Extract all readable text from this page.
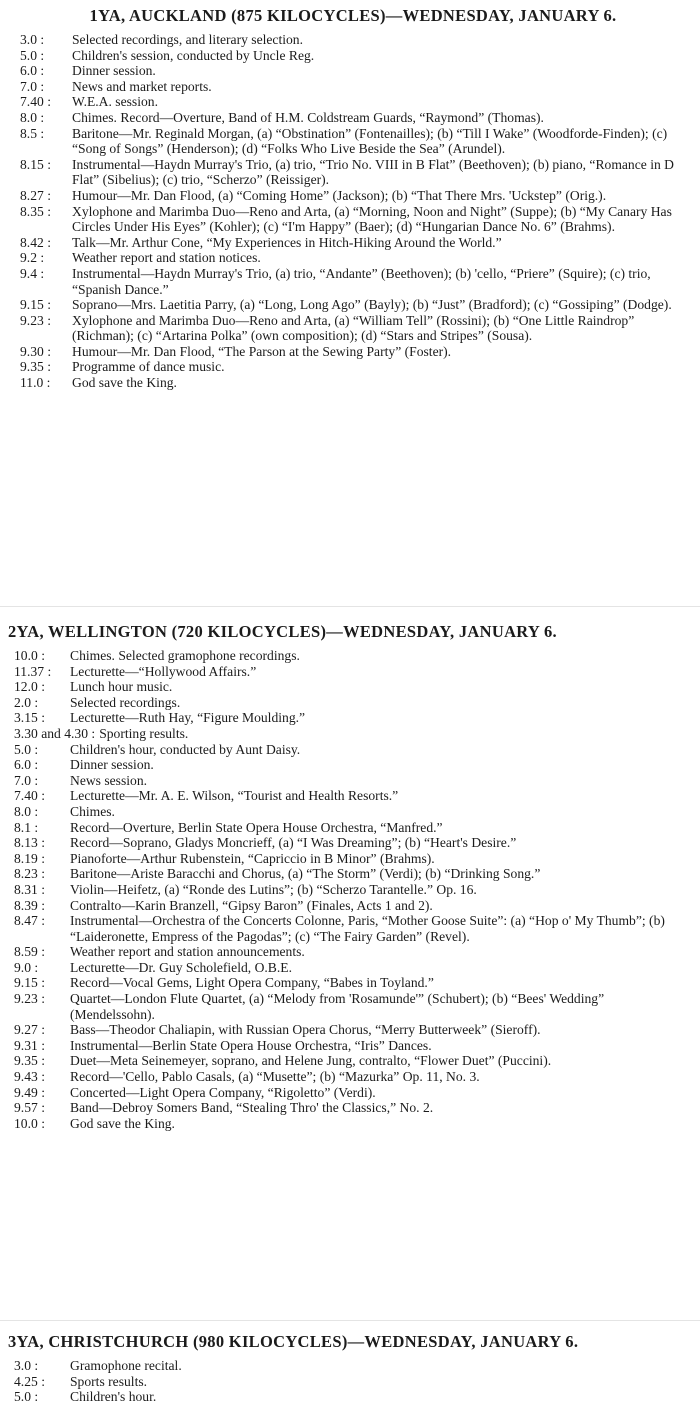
1YA, AUCKLAND (875 KILOCYCLES)—WEDNESDAY, JANUARY 6.
3.0 :	Selected recordings, and literary selection.
5.0 :	Children's session, conducted by Uncle Reg.
6.0 :	Dinner session.
7.0 :	News and market reports.
7.40 :	W.E.A. session.
8.0 :	Chimes. Record—Overture, Band of H.M. Coldstream Guards, “Raymond” (Thomas).
8.5 :	Baritone—Mr. Reginald Morgan, (a) “Obstination” (Fontenailles); (b) “Till I Wake” (Woodforde-Finden); (c) “Song of Songs” (Henderson); (d) “Folks Who Live Beside the Sea” (Arundel).
8.15 :	Instrumental—Haydn Murray's Trio, (a) trio, “Trio No. VIII in B Flat” (Beethoven); (b) piano, “Romance in D Flat” (Sibelius); (c) trio, “Scherzo” (Reissiger).
8.27 :	Humour—Mr. Dan Flood, (a) “Coming Home” (Jackson); (b) “That There Mrs. 'Uckstep” (Orig.).
8.35 :	Xylophone and Marimba Duo—Reno and Arta, (a) “Morning, Noon and Night” (Suppe); (b) “My Canary Has Circles Under His Eyes” (Kohler); (c) “I'm Happy” (Baer); (d) “Hungarian Dance No. 6” (Brahms).
8.42 :	Talk—Mr. Arthur Cone, “My Experiences in Hitch-Hiking Around the World.”
9.2 :	Weather report and station notices.
9.4 :	Instrumental—Haydn Murray's Trio, (a) trio, “Andante” (Beethoven); (b) 'cello, “Priere” (Squire); (c) trio, “Spanish Dance.”
9.15 :	Soprano—Mrs. Laetitia Parry, (a) “Long, Long Ago” (Bayly); (b) “Just” (Bradford); (c) “Gossiping” (Dodge).
9.23 :	Xylophone and Marimba Duo—Reno and Arta, (a) “William Tell” (Rossini); (b) “One Little Raindrop” (Richman); (c) “Artarina Polka” (own composition); (d) “Stars and Stripes” (Sousa).
9.30 :	Humour—Mr. Dan Flood, “The Parson at the Sewing Party” (Foster).
9.35 :	Programme of dance music.
11.0 :	God save the King.
2YA, WELLINGTON (720 KILOCYCLES)—WEDNESDAY, JANUARY 6.
10.0 :	Chimes. Selected gramophone recordings.
11.37 :	Lecturette—“Hollywood Affairs.”
12.0 :	Lunch hour music.
2.0 :	Selected recordings.
3.15 :	Lecturette—Ruth Hay, “Figure Moulding.”
3.30 and 4.30 : Sporting results.
5.0 :	Children's hour, conducted by Aunt Daisy.
6.0 :	Dinner session.
7.0 :	News session.
7.40 :	Lecturette—Mr. A. E. Wilson, “Tourist and Health Resorts.”
8.0 :	Chimes.
8.1 :	Record—Overture, Berlin State Opera House Orchestra, “Manfred.”
8.13 :	Record—Soprano, Gladys Moncrieff, (a) “I Was Dreaming”; (b) “Heart's Desire.”
8.19 :	Pianoforte—Arthur Rubenstein, “Capriccio in B Minor” (Brahms).
8.23 :	Baritone—Ariste Baracchi and Chorus, (a) “The Storm” (Verdi); (b) “Drinking Song.”
8.31 :	Violin—Heifetz, (a) “Ronde des Lutins”; (b) “Scherzo Tarantelle.” Op. 16.
8.39 :	Contralto—Karin Branzell, “Gipsy Baron” (Finales, Acts 1 and 2).
8.47 :	Instrumental—Orchestra of the Concerts Colonne, Paris, “Mother Goose Suite”: (a) “Hop o' My Thumb”; (b) “Laideronette, Empress of the Pagodas”; (c) “The Fairy Garden” (Revel).
8.59 :	Weather report and station announcements.
9.0 :	Lecturette—Dr. Guy Scholefield, O.B.E.
9.15 :	Record—Vocal Gems, Light Opera Company, “Babes in Toyland.”
9.23 :	Quartet—London Flute Quartet, (a) “Melody from 'Rosamunde'” (Schubert); (b) “Bees' Wedding” (Mendelssohn).
9.27 :	Bass—Theodor Chaliapin, with Russian Opera Chorus, “Merry Butterweek” (Sieroff).
9.31 :	Instrumental—Berlin State Opera House Orchestra, “Iris” Dances.
9.35 :	Duet—Meta Seinemeyer, soprano, and Helene Jung, contralto, “Flower Duet” (Puccini).
9.43 :	Record—'Cello, Pablo Casals, (a) “Musette”; (b) “Mazurka” Op. 11, No. 3.
9.49 :	Concerted—Light Opera Company, “Rigoletto” (Verdi).
9.57 :	Band—Debroy Somers Band, “Stealing Thro' the Classics,” No. 2.
10.0 :	God save the King.
3YA, CHRISTCHURCH (980 KILOCYCLES)—WEDNESDAY, JANUARY 6.
3.0 :	Gramophone recital.
4.25 :	Sports results.
5.0 :	Children's hour.
